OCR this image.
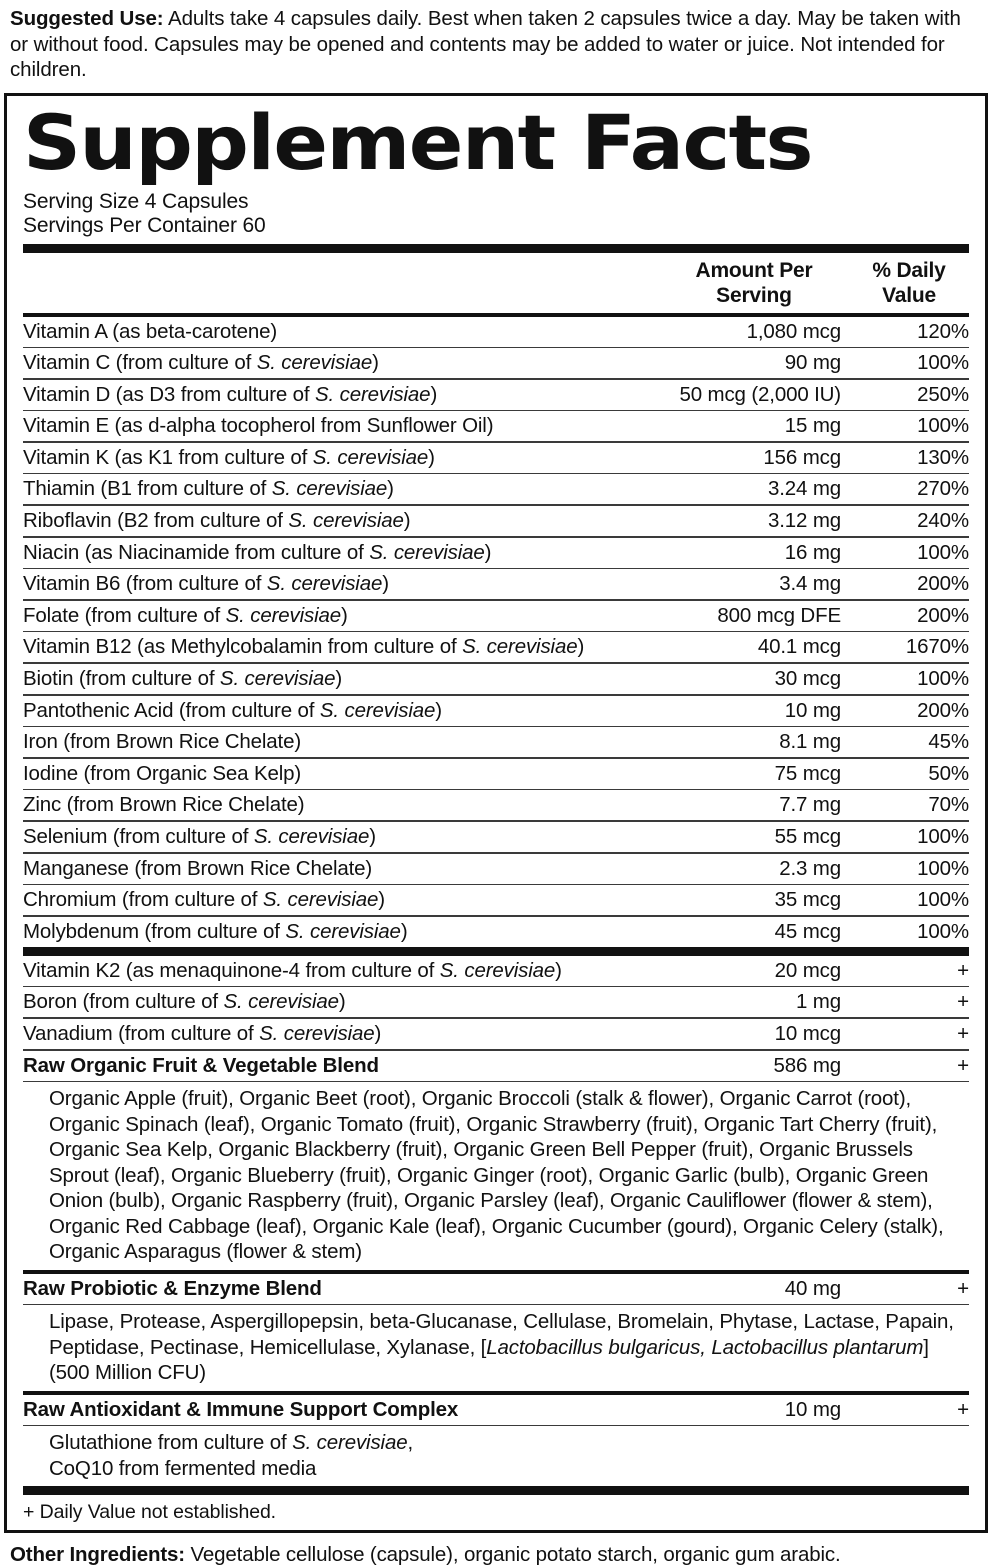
Suggested Use: Adults take 4 capsules daily. Best when taken 2 capsules twice a day. May be taken with or without food. Capsules may be opened and contents may be added to water or juice. Not intended for children.
Supplement Facts
Serving Size 4 Capsules
Servings Per Container 60
Amount Per
Serving
% Daily
Value
Vitamin A (as beta-carotene)	1,080 mcg	120%
Vitamin C (from culture of S. cerevisiae)	90 mg	100%
Vitamin D (as D3 from culture of S. cerevisiae)	50 mcg (2,000 IU)	250%
Vitamin E (as d-alpha tocopherol from Sunflower Oil)	15 mg	100%
Vitamin K (as K1 from culture of S. cerevisiae)	156 mcg	130%
Thiamin (B1 from culture of S. cerevisiae)	3.24 mg	270%
Riboflavin (B2 from culture of S. cerevisiae)	3.12 mg	240%
Niacin (as Niacinamide from culture of S. cerevisiae)	16 mg	100%
Vitamin B6 (from culture of S. cerevisiae)	3.4 mg	200%
Folate (from culture of S. cerevisiae)	800 mcg DFE	200%
Vitamin B12 (as Methylcobalamin from culture of S. cerevisiae)	40.1 mcg	1670%
Biotin (from culture of S. cerevisiae)	30 mcg	100%
Pantothenic Acid (from culture of S. cerevisiae)	10 mg	200%
Iron (from Brown Rice Chelate)	8.1 mg	45%
Iodine (from Organic Sea Kelp)	75 mcg	50%
Zinc (from Brown Rice Chelate)	7.7 mg	70%
Selenium (from culture of S. cerevisiae)	55 mcg	100%
Manganese (from Brown Rice Chelate)	2.3 mg	100%
Chromium (from culture of S. cerevisiae)	35 mcg	100%
Molybdenum (from culture of S. cerevisiae)	45 mcg	100%
Vitamin K2 (as menaquinone-4 from culture of S. cerevisiae)	20 mcg	+
Boron (from culture of S. cerevisiae)	1 mg	+
Vanadium (from culture of S. cerevisiae)	10 mcg	+
Raw Organic Fruit & Vegetable Blend	586 mg	+
Organic Apple (fruit), Organic Beet (root), Organic Broccoli (stalk & flower), Organic Carrot (root), Organic Spinach (leaf), Organic Tomato (fruit), Organic Strawberry (fruit), Organic Tart Cherry (fruit), Organic Sea Kelp, Organic Blackberry (fruit), Organic Green Bell Pepper (fruit), Organic Brussels Sprout (leaf), Organic Blueberry (fruit), Organic Ginger (root), Organic Garlic (bulb), Organic Green Onion (bulb), Organic Raspberry (fruit), Organic Parsley (leaf), Organic Cauliflower (flower & stem), Organic Red Cabbage (leaf), Organic Kale (leaf), Organic Cucumber (gourd), Organic Celery (stalk), Organic Asparagus (flower & stem)
Raw Probiotic & Enzyme Blend	40 mg	+
Lipase, Protease, Aspergillopepsin, beta-Glucanase, Cellulase, Bromelain, Phytase, Lactase, Papain, Peptidase, Pectinase, Hemicellulase, Xylanase, [Lactobacillus bulgaricus, Lactobacillus plantarum] (500 Million CFU)
Raw Antioxidant & Immune Support Complex	10 mg	+
Glutathione from culture of S. cerevisiae,
CoQ10 from fermented media
+ Daily Value not established.
Other Ingredients: Vegetable cellulose (capsule), organic potato starch, organic gum arabic.
